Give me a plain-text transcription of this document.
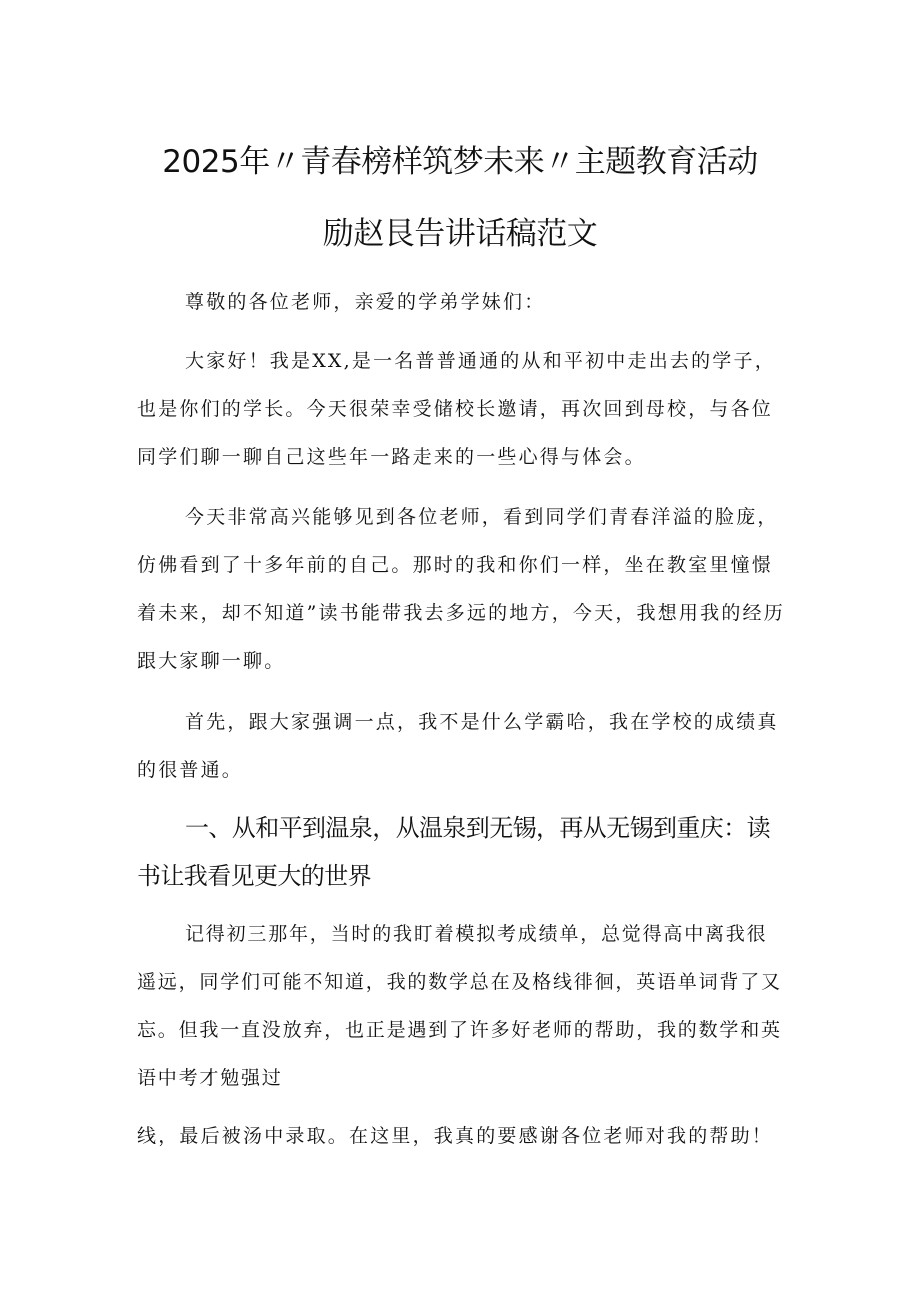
2025年〃青春榜样筑梦未来〃主题教育活动
励赵艮告讲话稿范文

尊敬的各位老师，亲爱的学弟学妹们：

大家好！我是XX,是一名普普通通的从和平初中走出去的学子，也是你们的学长。今天很荣幸受储校长邀请，再次回到母校，与各位同学们聊一聊自己这些年一路走来的一些心得与体会。

今天非常高兴能够见到各位老师，看到同学们青春洋溢的脸庞，仿佛看到了十多年前的自己。那时的我和你们一样，坐在教室里憧憬着未来，却不知道”读书能带我去多远的地方，今天，我想用我的经历跟大家聊一聊。

首先，跟大家强调一点，我不是什么学霸哈，我在学校的成绩真的很普通。

一、从和平到温泉，从温泉到无锡，再从无锡到重庆：读书让我看见更大的世界

记得初三那年，当时的我盯着模拟考成绩单，总觉得高中离我很遥远，同学们可能不知道，我的数学总在及格线徘徊，英语单词背了又忘。但我一直没放弃，也正是遇到了许多好老师的帮助，我的数学和英语中考才勉强过

线，最后被汤中录取。在这里，我真的要感谢各位老师对我的帮助！
